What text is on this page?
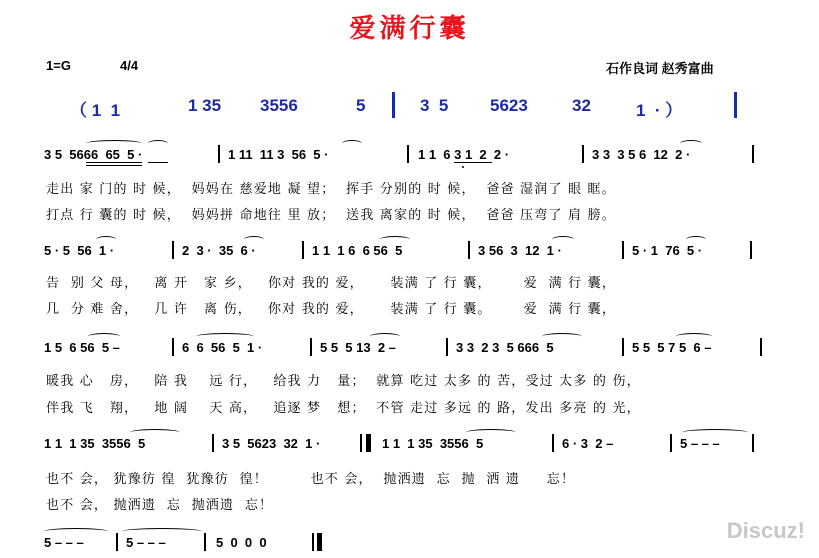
爱满行囊
1=G	4/4	石作良词 赵秀富曲
（ 1  1	1 35 3556	5	3  5 5623	32	1  · ）
3 5  5666  65  5 ·	1 11  11 3  56  5 ·	1 1  6 3 1  2  2 ·	3 3  3 5 6  12  2 ·
走出 家 门的 时 候，  妈妈在 慈爱地 凝 望；  挥手 分别的 时 候，  爸爸 湿润了 眼 眶。
打点 行 囊的 时 候，  妈妈拼 命地往 里 放；  送我 离家的 时 候，  爸爸 压弯了 肩 膀。
5 · 5  56  1 ·	2  3 ·  35  6 ·	1 1  1 6  6 56  5	3 56  3  12  1 ·	5 · 1  76  5 ·
告  别 父 母，   离 开   家 乡，   你对 我的 爱，     装满 了 行 囊，      爱  满 行 囊，
几  分 难 舍，   几 许   离 伤，   你对 我的 爱，     装满 了 行 囊。      爱  满 行 囊，
1 5  6 56  5 –	6  6  56  5  1 ·	5 5  5 13  2 –	3 3  2 3  5 666  5	5 5  5 7 5  6 –
暖我 心   房，   陪 我    远 行，   给我 力   量；  就算 吃过 太多 的 苦，受过 太多 的 伤，
伴我 飞   翔，   地 阔    天 高，   追逐 梦   想；  不管 走过 多远 的 路，发出 多亮 的 光，
1 1  1 35  3556  5	3 5  5623  32  1 ·	1 1  1 35  3556  5	6 · 3  2 –	5 – – –
也不 会， 犹豫彷 徨  犹豫彷  徨！        也不 会，  抛洒遗  忘  抛  洒 遗     忘！
也不 会， 抛洒遗  忘  抛洒遗  忘！
5 – – –	5 – – –	5  0  0  0	Discuz!
